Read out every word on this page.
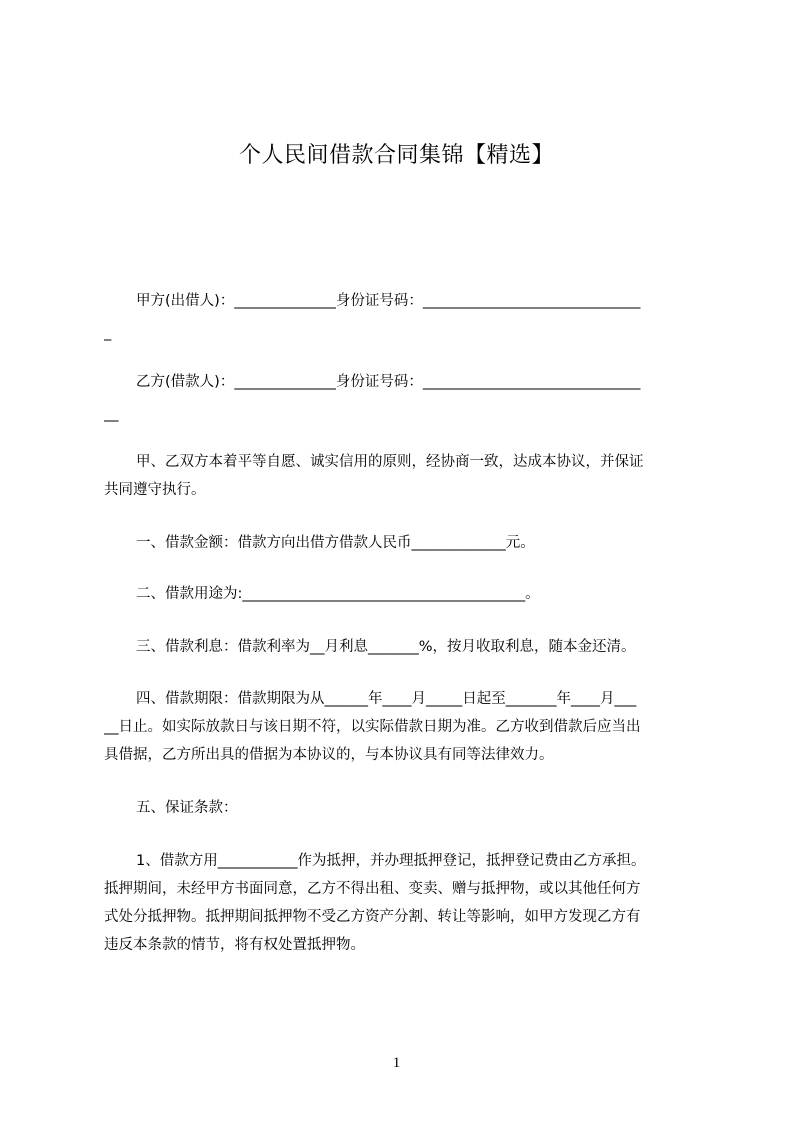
个人民间借款合同集锦【精选】
甲方(出借人)：______________身份证号码：______________________________
_
乙方(借款人)：______________身份证号码：______________________________
__
甲、乙双方本着平等自愿、诚实信用的原则，经协商一致，达成本协议，并保证
共同遵守执行。
一、借款金额：借款方向出借方借款人民币_____________元。
二、借款用途为:_______________________________________。
三、借款利息：借款利率为__月利息_______%，按月收取利息，随本金还清。
四、借款期限：借款期限为从______年____月_____日起至_______年____月___
__日止。如实际放款日与该日期不符，以实际借款日期为准。乙方收到借款后应当出
具借据，乙方所出具的借据为本协议的，与本协议具有同等法律效力。
五、保证条款：
1、借款方用___________作为抵押，并办理抵押登记，抵押登记费由乙方承担。
抵押期间，未经甲方书面同意，乙方不得出租、变卖、赠与抵押物，或以其他任何方
式处分抵押物。抵押期间抵押物不受乙方资产分割、转让等影响，如甲方发现乙方有
违反本条款的情节，将有权处置抵押物。
1
